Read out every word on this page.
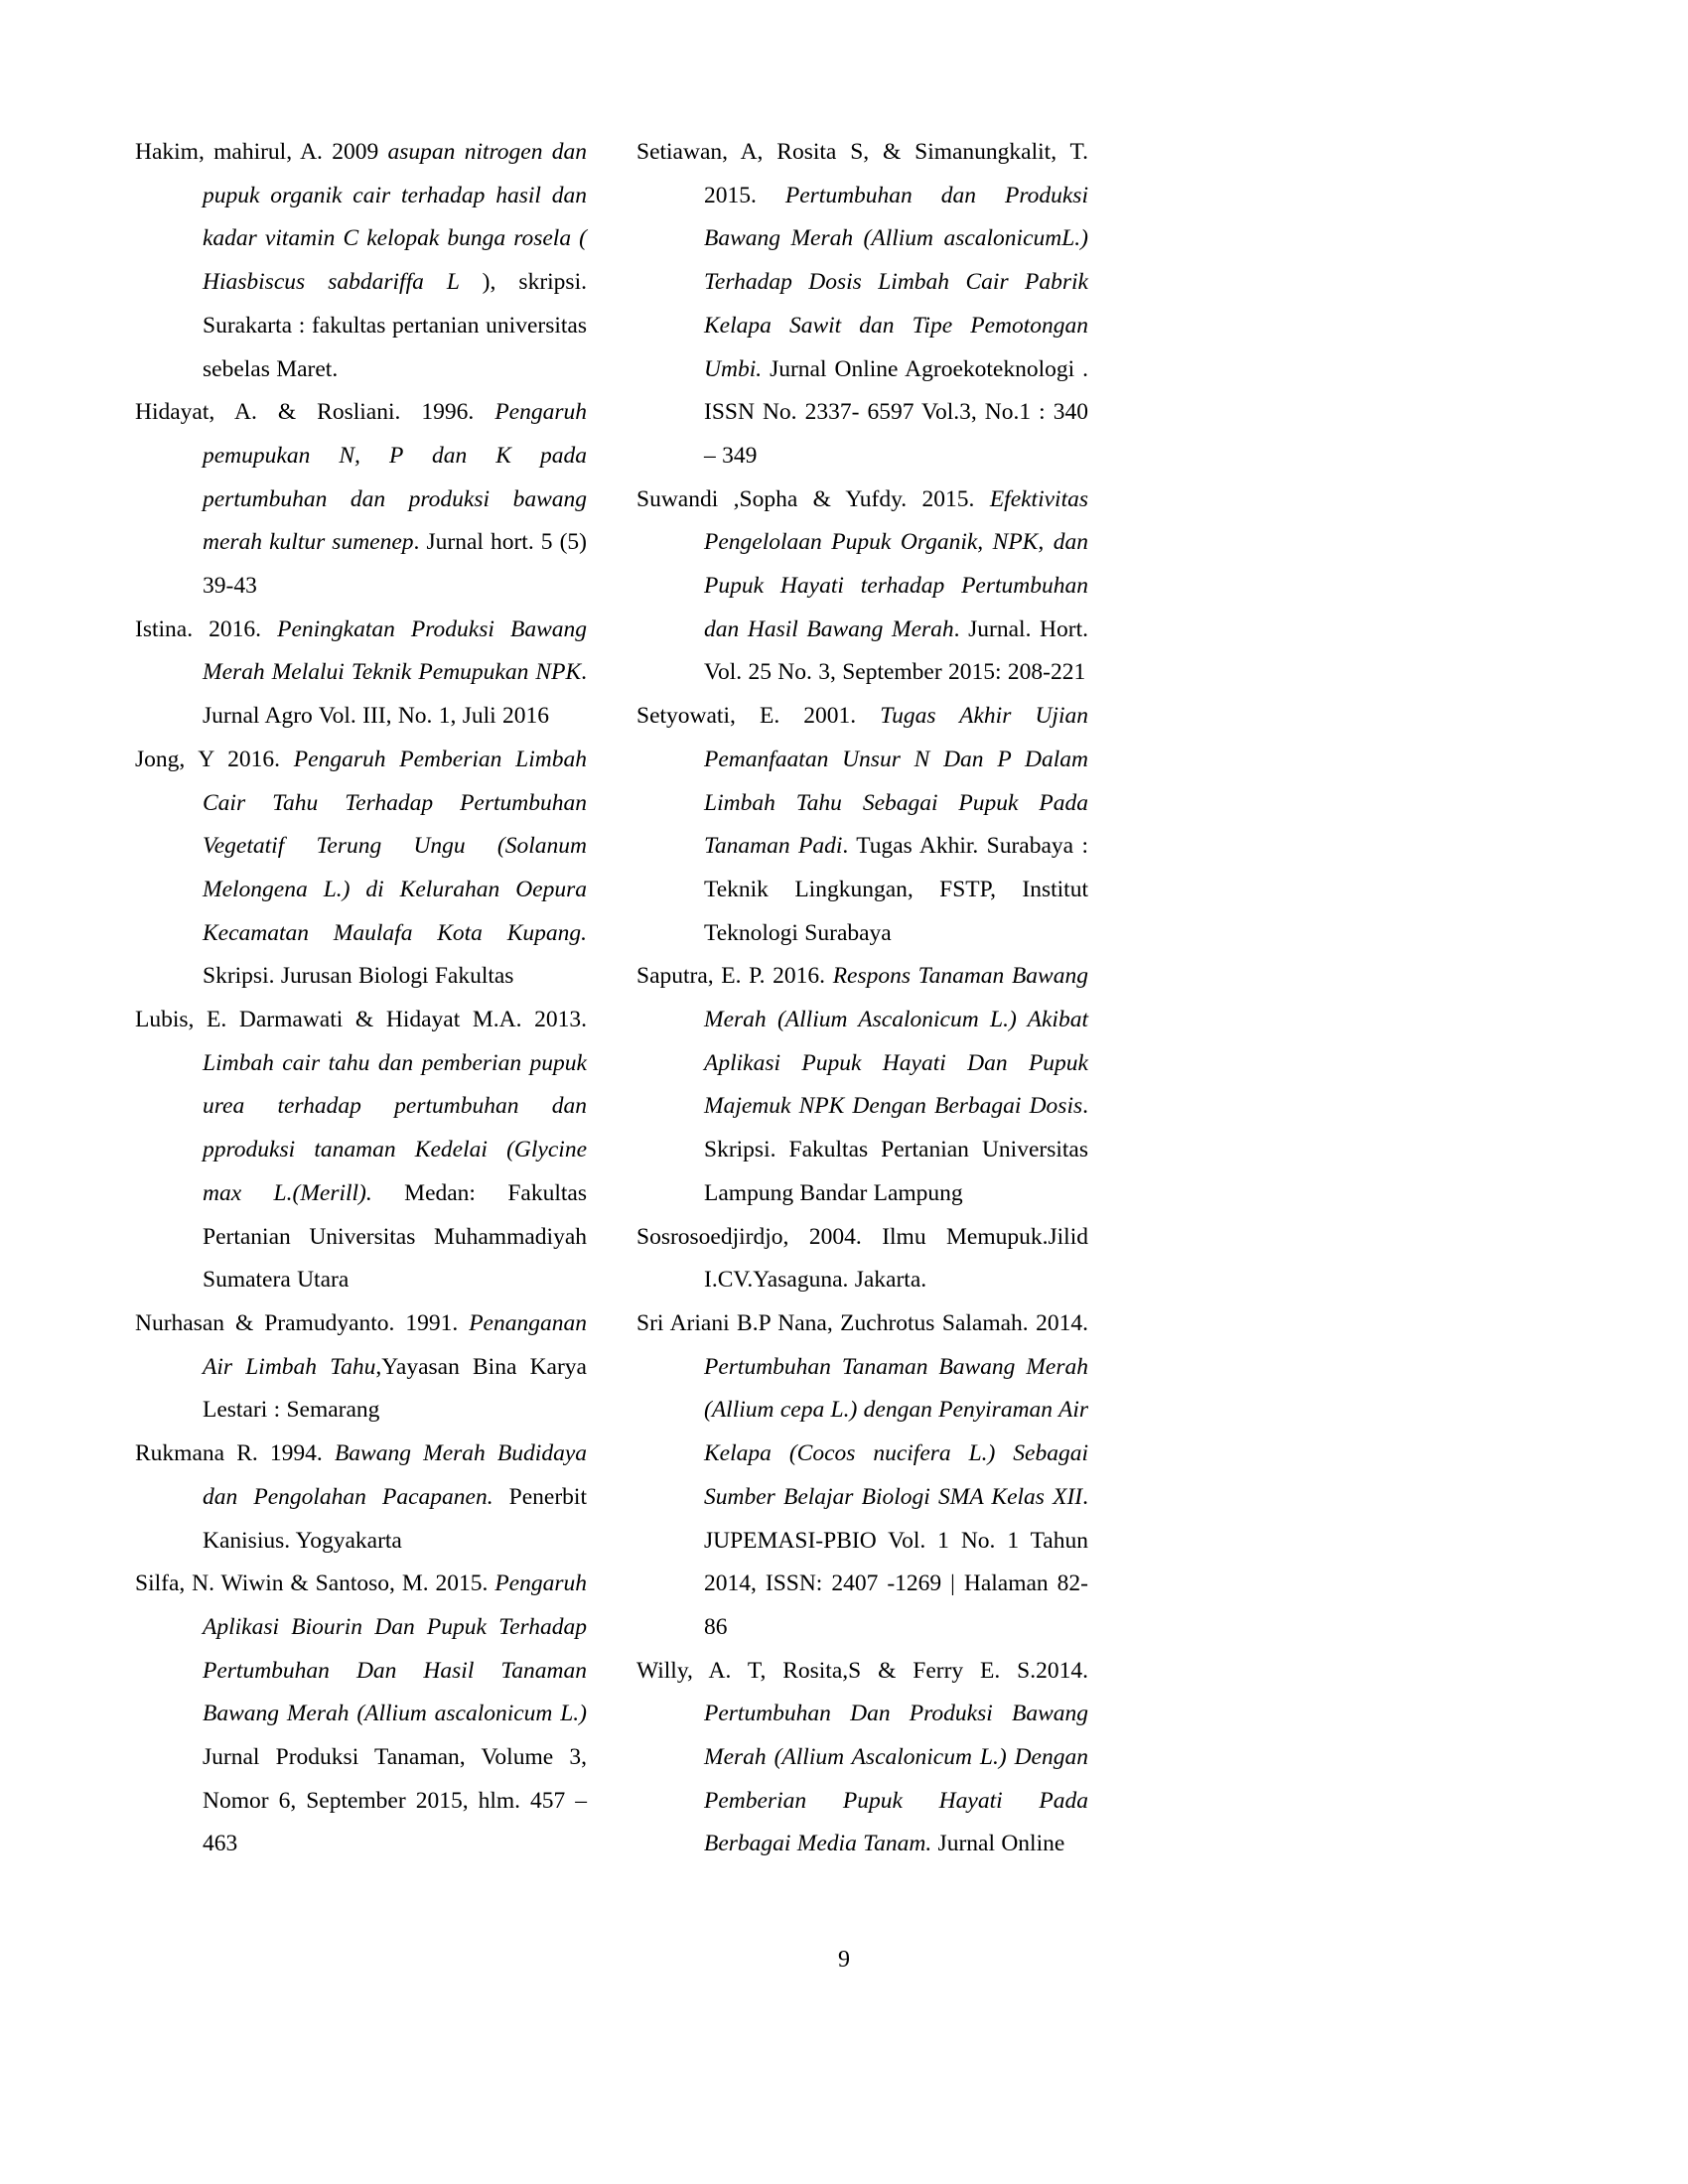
Hakim, mahirul, A. 2009 asupan nitrogen dan pupuk organik cair terhadap hasil dan kadar vitamin C kelopak bunga rosela ( Hiasbiscus sabdariffa L ), skripsi. Surakarta : fakultas pertanian universitas sebelas Maret.

Hidayat, A. & Rosliani. 1996. Pengaruh pemupukan N, P dan K pada pertumbuhan dan produksi bawang merah kultur sumenep. Jurnal hort. 5 (5) 39-43

Istina. 2016. Peningkatan Produksi Bawang Merah Melalui Teknik Pemupukan NPK. Jurnal Agro Vol. III, No. 1, Juli 2016

Jong, Y 2016. Pengaruh Pemberian Limbah Cair Tahu Terhadap Pertumbuhan Vegetatif Terung Ungu (Solanum Melongena L.) di Kelurahan Oepura Kecamatan Maulafa Kota Kupang. Skripsi. Jurusan Biologi Fakultas

Lubis, E. Darmawati & Hidayat M.A. 2013. Limbah cair tahu dan pemberian pupuk urea terhadap pertumbuhan dan pproduksi tanaman Kedelai (Glycine max L.(Merill). Medan: Fakultas Pertanian Universitas Muhammadiyah Sumatera Utara

Nurhasan & Pramudyanto. 1991. Penanganan Air Limbah Tahu,Yayasan Bina Karya Lestari : Semarang

Rukmana R. 1994. Bawang Merah Budidaya dan Pengolahan Pacapanen. Penerbit Kanisius. Yogyakarta

Silfa, N. Wiwin & Santoso, M. 2015. Pengaruh Aplikasi Biourin Dan Pupuk Terhadap Pertumbuhan Dan Hasil Tanaman Bawang Merah (Allium ascalonicum L.) Jurnal Produksi Tanaman, Volume 3, Nomor 6, September 2015, hlm. 457 – 463

Setiawan, A, Rosita S, & Simanungkalit, T. 2015. Pertumbuhan dan Produksi Bawang Merah (Allium ascalonicumL.) Terhadap Dosis Limbah Cair Pabrik Kelapa Sawit dan Tipe Pemotongan Umbi. Jurnal Online Agroekoteknologi . ISSN No. 2337- 6597 Vol.3, No.1 : 340 – 349

Suwandi ,Sopha & Yufdy. 2015. Efektivitas Pengelolaan Pupuk Organik, NPK, dan Pupuk Hayati terhadap Pertumbuhan dan Hasil Bawang Merah. Jurnal. Hort. Vol. 25 No. 3, September 2015: 208-221

Setyowati, E. 2001. Tugas Akhir Ujian Pemanfaatan Unsur N Dan P Dalam Limbah Tahu Sebagai Pupuk Pada Tanaman Padi. Tugas Akhir. Surabaya : Teknik Lingkungan, FSTP, Institut Teknologi Surabaya

Saputra, E. P. 2016. Respons Tanaman Bawang Merah (Allium Ascalonicum L.) Akibat Aplikasi Pupuk Hayati Dan Pupuk Majemuk NPK Dengan Berbagai Dosis. Skripsi. Fakultas Pertanian Universitas Lampung Bandar Lampung

Sosrosoedjirdjo, 2004. Ilmu Memupuk.Jilid I.CV.Yasaguna. Jakarta.

Sri Ariani B.P Nana, Zuchrotus Salamah. 2014. Pertumbuhan Tanaman Bawang Merah (Allium cepa L.) dengan Penyiraman Air Kelapa (Cocos nucifera L.) Sebagai Sumber Belajar Biologi SMA Kelas XII. JUPEMASI-PBIO Vol. 1 No. 1 Tahun 2014, ISSN: 2407 -1269 | Halaman 82-86

Willy, A. T, Rosita,S & Ferry E. S.2014. Pertumbuhan Dan Produksi Bawang Merah (Allium Ascalonicum L.) Dengan Pemberian Pupuk Hayati Pada Berbagai Media Tanam. Jurnal Online

9
